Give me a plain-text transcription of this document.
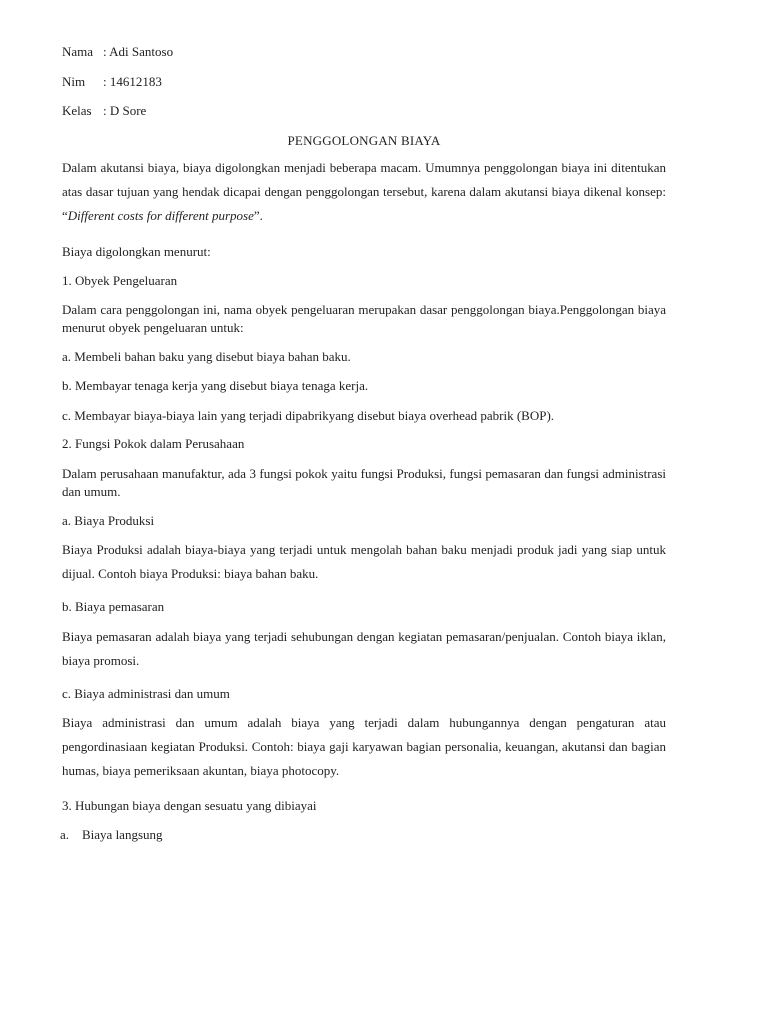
Nama : Adi Santoso
Nim : 14612183
Kelas : D Sore
PENGGOLONGAN BIAYA
Dalam akutansi biaya, biaya digolongkan menjadi beberapa macam. Umumnya penggolongan biaya ini ditentukan atas dasar tujuan yang hendak dicapai dengan penggolongan tersebut, karena dalam akutansi biaya dikenal konsep: “Different costs for different purpose”.
Biaya digolongkan menurut:
1. Obyek Pengeluaran
Dalam cara penggolongan ini, nama obyek pengeluaran merupakan dasar penggolongan biaya.Penggolongan biaya menurut obyek pengeluaran untuk:
a. Membeli bahan baku yang disebut biaya bahan baku.
b. Membayar tenaga kerja yang disebut biaya tenaga kerja.
c. Membayar biaya-biaya lain yang terjadi dipabrikyang disebut biaya overhead pabrik (BOP).
2. Fungsi Pokok dalam Perusahaan
Dalam perusahaan manufaktur, ada 3 fungsi pokok yaitu fungsi Produksi, fungsi pemasaran dan fungsi administrasi dan umum.
a. Biaya Produksi
Biaya Produksi adalah biaya-biaya yang terjadi untuk mengolah bahan baku menjadi produk jadi yang siap untuk dijual. Contoh biaya Produksi: biaya bahan baku.
b. Biaya pemasaran
Biaya pemasaran adalah biaya yang terjadi sehubungan dengan kegiatan pemasaran/penjualan. Contoh biaya iklan, biaya promosi.
c. Biaya administrasi dan umum
Biaya administrasi dan umum adalah biaya yang terjadi dalam hubungannya dengan pengaturan atau pengordinasiaan kegiatan Produksi. Contoh: biaya gaji karyawan bagian personalia, keuangan, akutansi dan bagian humas, biaya pemeriksaan akuntan, biaya photocopy.
3. Hubungan biaya dengan sesuatu yang dibiayai
a. Biaya langsung
